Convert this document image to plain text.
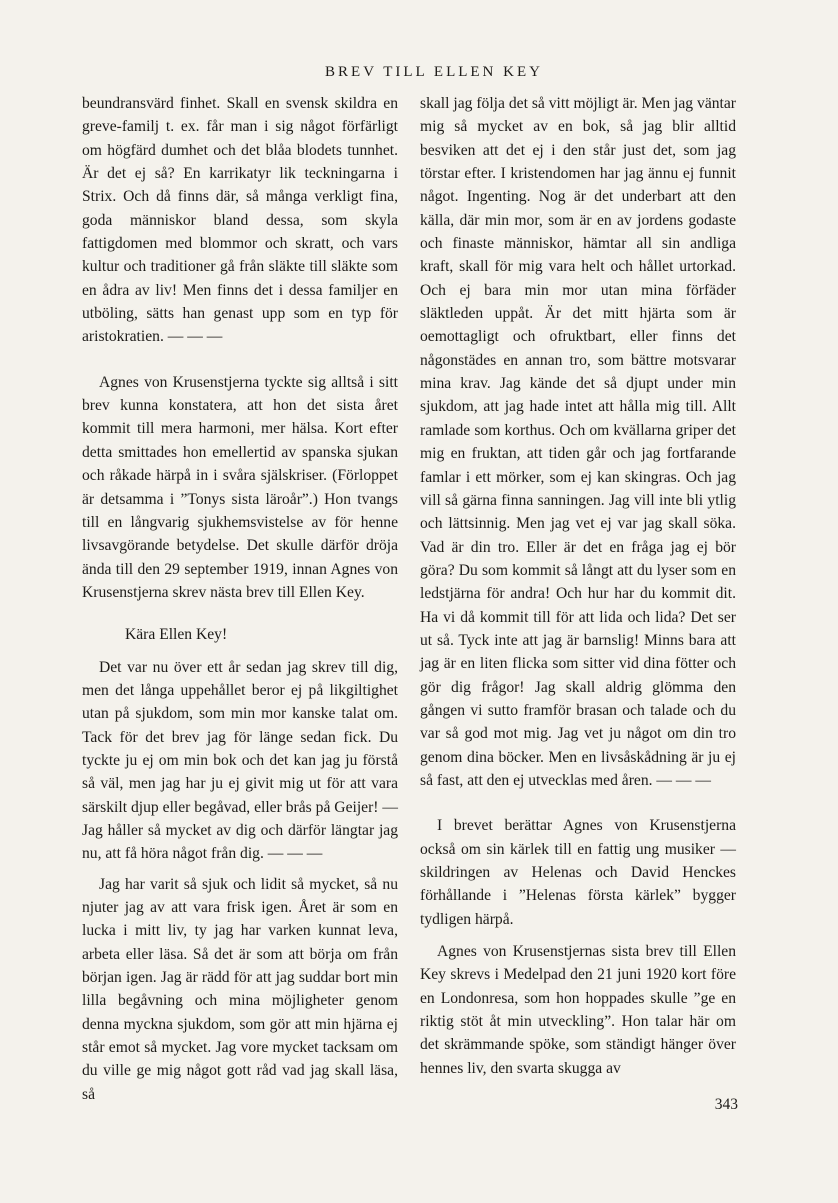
BREV TILL ELLEN KEY

beundransvärd finhet. Skall en svensk skildra en greve-familj t. ex. får man i sig något förfärligt om högfärd dumhet och det blåa blodets tunnhet. Är det ej så? En karrikatyr lik teckningarna i Strix. Och då finns där, så många verkligt fina, goda människor bland dessa, som skyla fattigdomen med blommor och skratt, och vars kultur och traditioner gå från släkte till släkte som en ådra av liv! Men finns det i dessa familjer en utböling, sätts han genast upp som en typ för aristokratien. — — —

Agnes von Krusenstjerna tyckte sig alltså i sitt brev kunna konstatera, att hon det sista året kommit till mera harmoni, mer hälsa. Kort efter detta smittades hon emellertid av spanska sjukan och råkade härpå in i svåra själskriser. (Förloppet är detsamma i ”Tonys sista läroår”.) Hon tvangs till en långvarig sjukhemsvistelse av för henne livsavgörande betydelse. Det skulle därför dröja ända till den 29 september 1919, innan Agnes von Krusenstjerna skrev nästa brev till Ellen Key.

Kära Ellen Key!

Det var nu över ett år sedan jag skrev till dig, men det långa uppehållet beror ej på likgiltighet utan på sjukdom, som min mor kanske talat om. Tack för det brev jag för länge sedan fick. Du tyckte ju ej om min bok och det kan jag ju förstå så väl, men jag har ju ej givit mig ut för att vara särskilt djup eller begåvad, eller brås på Geijer! — Jag håller så mycket av dig och därför längtar jag nu, att få höra något från dig. — — —

Jag har varit så sjuk och lidit så mycket, så nu njuter jag av att vara frisk igen. Året är som en lucka i mitt liv, ty jag har varken kunnat leva, arbeta eller läsa. Så det är som att börja om från början igen. Jag är rädd för att jag suddar bort min lilla begåvning och mina möjligheter genom denna myckna sjukdom, som gör att min hjärna ej står emot så mycket. Jag vore mycket tacksam om du ville ge mig något gott råd vad jag skall läsa, så

skall jag följa det så vitt möjligt är. Men jag väntar mig så mycket av en bok, så jag blir alltid besviken att det ej i den står just det, som jag törstar efter. I kristendomen har jag ännu ej funnit något. Ingenting. Nog är det underbart att den källa, där min mor, som är en av jordens godaste och finaste människor, hämtar all sin andliga kraft, skall för mig vara helt och hållet urtorkad. Och ej bara min mor utan mina förfäder släktleden uppåt. Är det mitt hjärta som är oemottagligt och ofruktbart, eller finns det någonstädes en annan tro, som bättre motsvarar mina krav. Jag kände det så djupt under min sjukdom, att jag hade intet att hålla mig till. Allt ramlade som korthus. Och om kvällarna griper det mig en fruktan, att tiden går och jag fortfarande famlar i ett mörker, som ej kan skingras. Och jag vill så gärna finna sanningen. Jag vill inte bli ytlig och lättsinnig. Men jag vet ej var jag skall söka. Vad är din tro. Eller är det en fråga jag ej bör göra? Du som kommit så långt att du lyser som en ledstjärna för andra! Och hur har du kommit dit. Ha vi då kommit till för att lida och lida? Det ser ut så. Tyck inte att jag är barnslig! Minns bara att jag är en liten flicka som sitter vid dina fötter och gör dig frågor! Jag skall aldrig glömma den gången vi sutto framför brasan och talade och du var så god mot mig. Jag vet ju något om din tro genom dina böcker. Men en livsåskådning är ju ej så fast, att den ej utvecklas med åren. — — —

I brevet berättar Agnes von Krusenstjerna också om sin kärlek till en fattig ung musiker — skildringen av Helenas och David Henckes förhållande i ”Helenas första kärlek” bygger tydligen härpå.

Agnes von Krusenstjernas sista brev till Ellen Key skrevs i Medelpad den 21 juni 1920 kort före en Londonresa, som hon hoppades skulle ”ge en riktig stöt åt min utveckling”. Hon talar här om det skrämmande spöke, som ständigt hänger över hennes liv, den svarta skugga av

343
